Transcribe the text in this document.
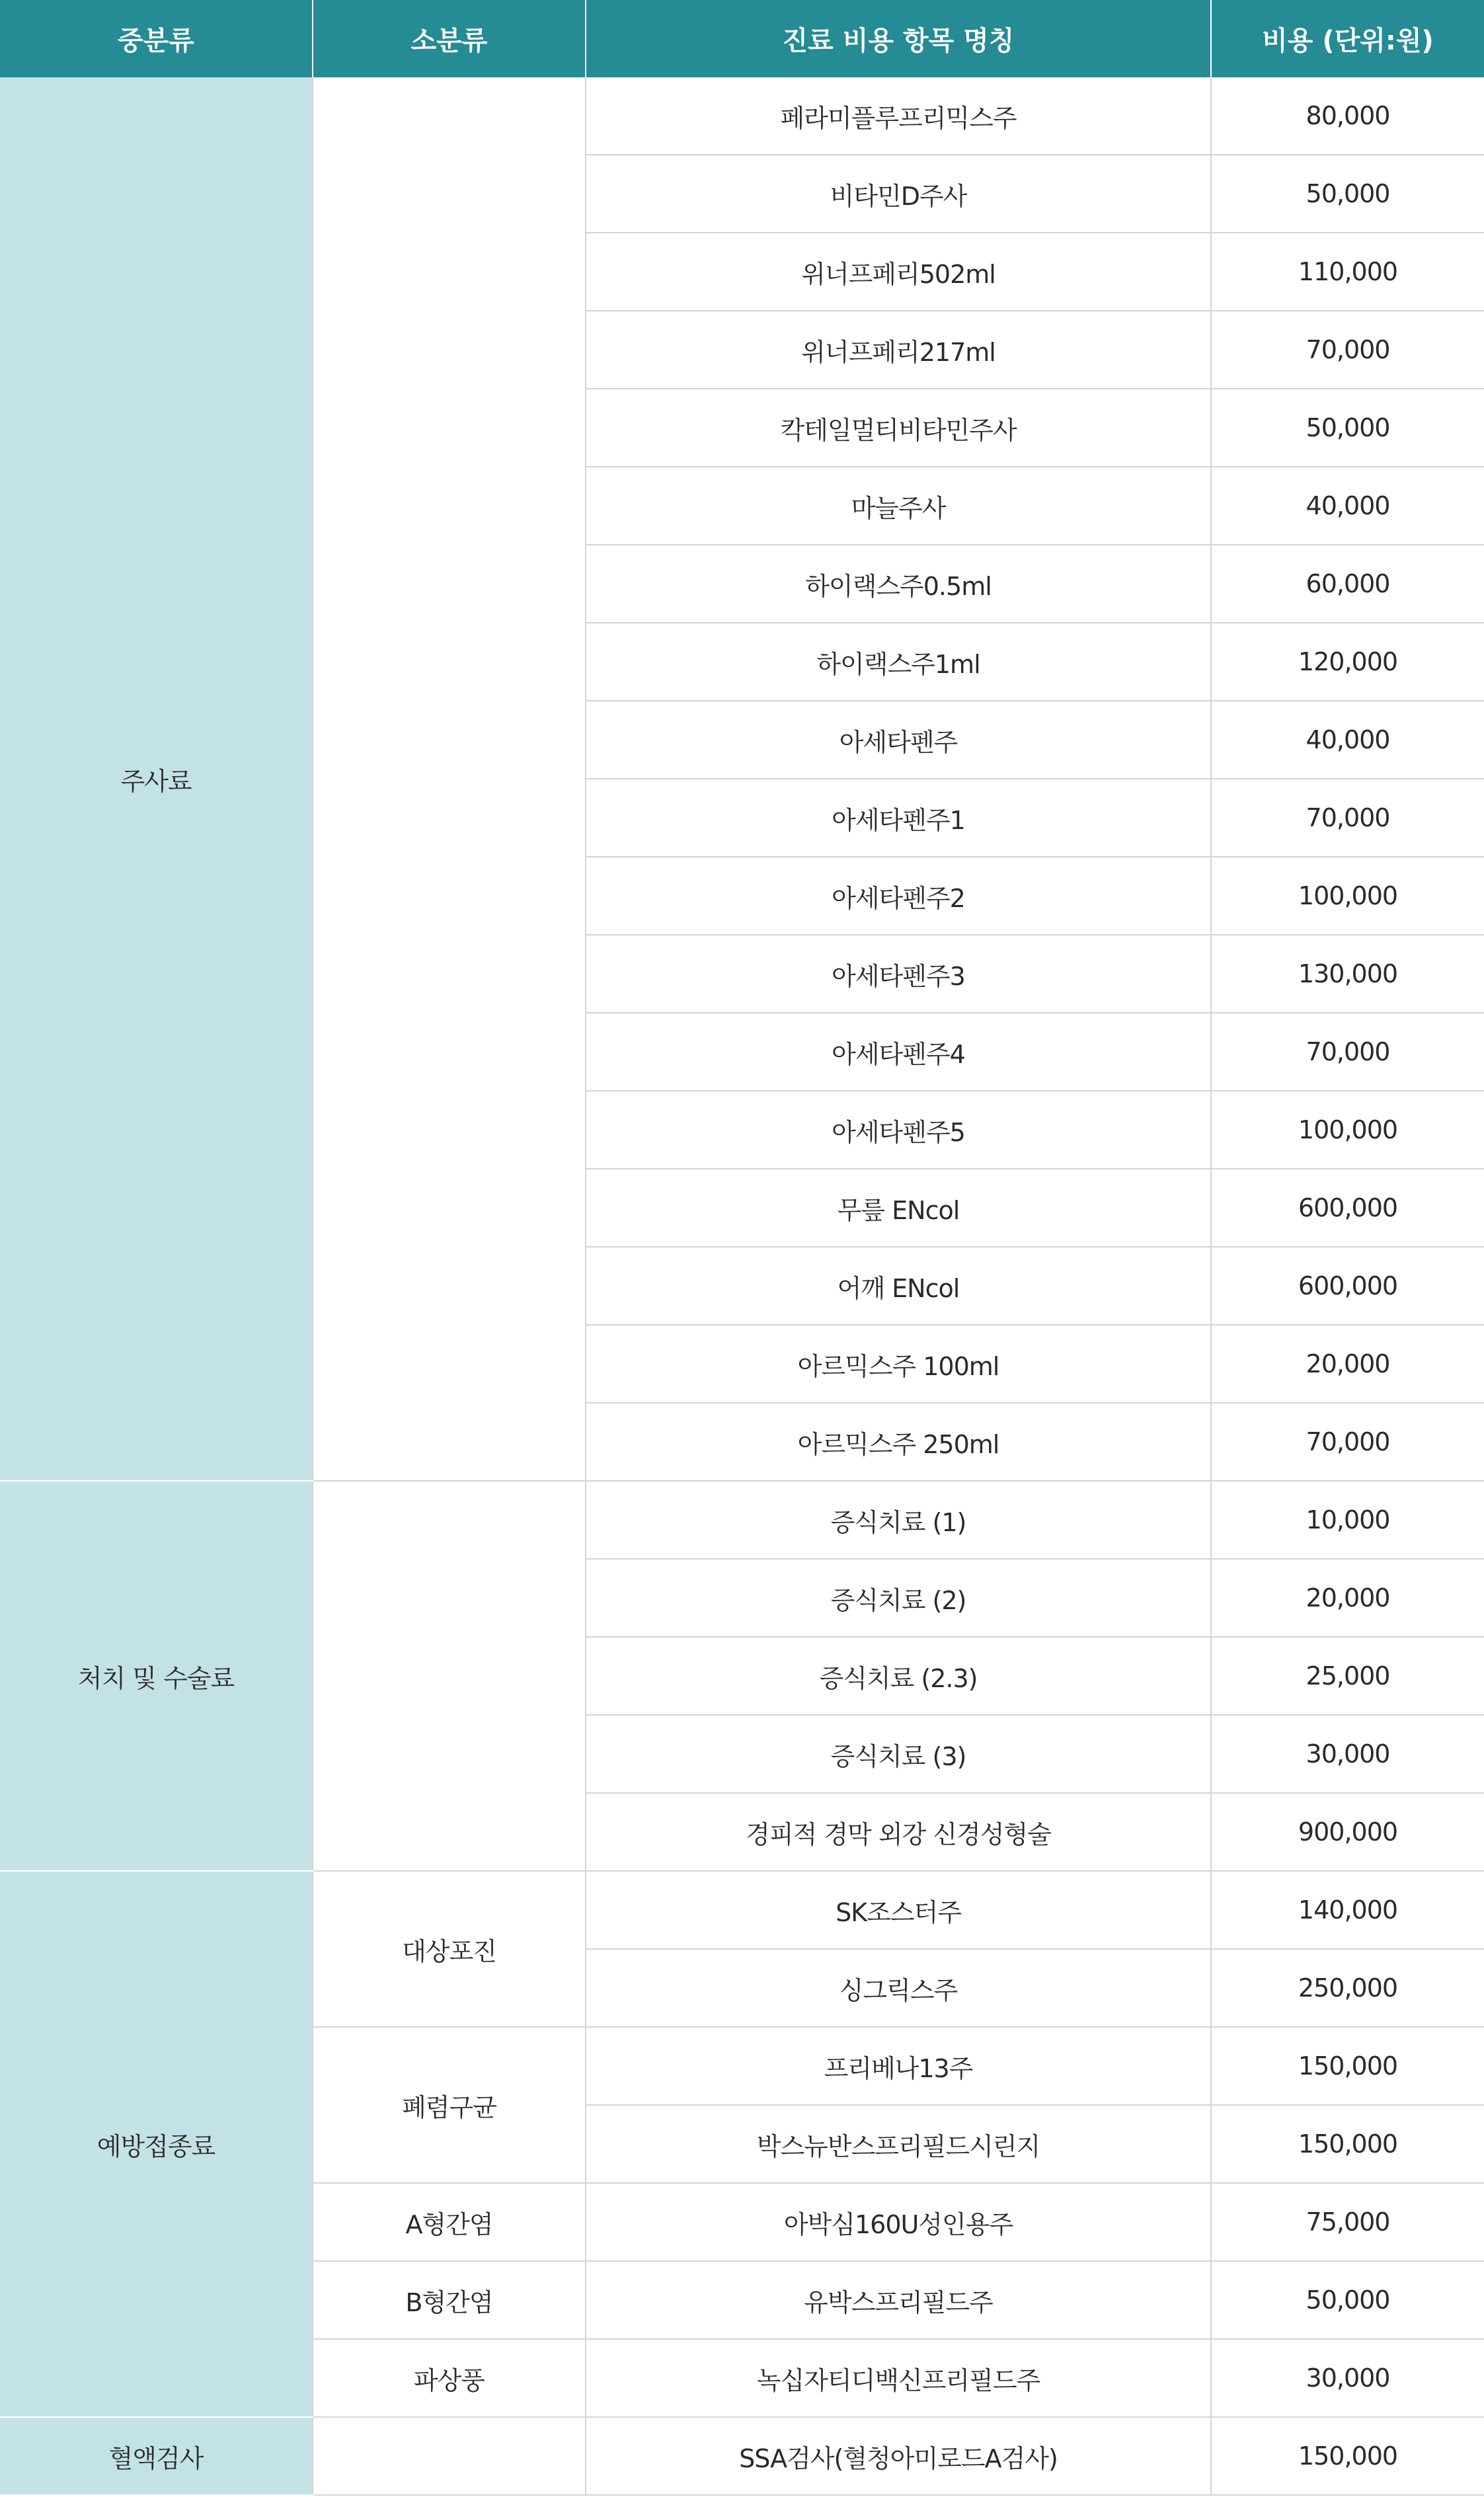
중분류	소분류	진료 비용 항목 명칭	비용 (단위:원)
주사료		페라미플루프리믹스주	80,000
		비타민D주사	50,000
		위너프페리502ml	110,000
		위너프페리217ml	70,000
		칵테일멀티비타민주사	50,000
		마늘주사	40,000
		하이랙스주0.5ml	60,000
		하이랙스주1ml	120,000
		아세타펜주	40,000
		아세타펜주1	70,000
		아세타펜주2	100,000
		아세타펜주3	130,000
		아세타펜주4	70,000
		아세타펜주5	100,000
		무릎 ENcol	600,000
		어깨 ENcol	600,000
		아르믹스주 100ml	20,000
		아르믹스주 250ml	70,000
처치 및 수술료		증식치료 (1)	10,000
		증식치료 (2)	20,000
		증식치료 (2.3)	25,000
		증식치료 (3)	30,000
		경피적 경막 외강 신경성형술	900,000
예방접종료	대상포진	SK조스터주	140,000
		싱그릭스주	250,000
	폐렴구균	프리베나13주	150,000
		박스뉴반스프리필드시린지	150,000
	A형간염	아박심160U성인용주	75,000
	B형간염	유박스프리필드주	50,000
	파상풍	녹십자티디백신프리필드주	30,000
혈액검사		SSA검사(혈청아미로드A검사)	150,000
